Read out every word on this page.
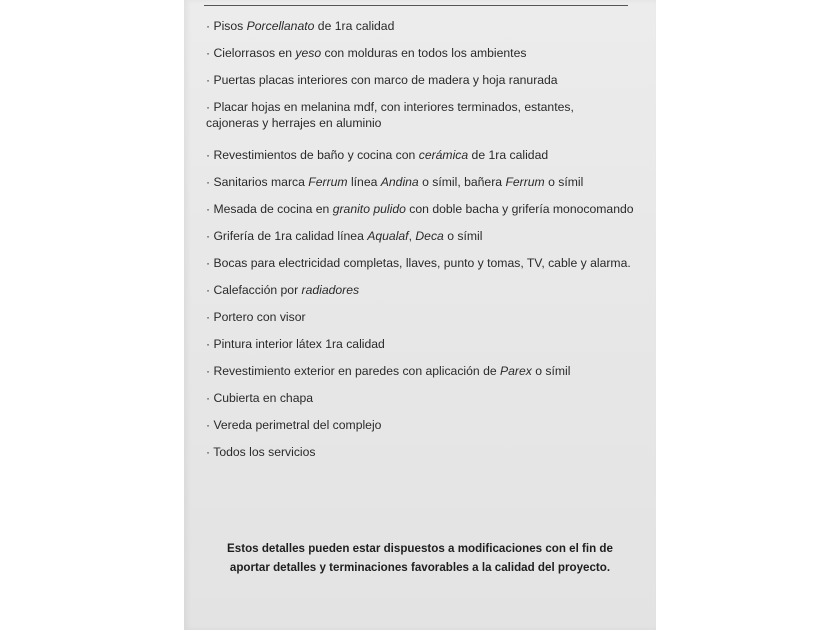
· Pisos Porcellanato de 1ra calidad
· Cielorrasos en yeso con molduras en todos los ambientes
· Puertas placas interiores con marco de madera y hoja ranurada
· Placar hojas en melanina mdf, con interiores terminados, estantes, cajoneras y herrajes en aluminio
· Revestimientos de baño y cocina con cerámica de 1ra calidad
· Sanitarios marca Ferrum línea Andina o símil, bañera Ferrum o símil
· Mesada de cocina en granito pulido con doble bacha y grifería monocomando
· Grifería de 1ra calidad línea Aqualaf, Deca o símil
· Bocas para electricidad completas, llaves, punto y tomas, TV, cable y alarma.
· Calefacción por radiadores
· Portero con visor
· Pintura interior látex 1ra calidad
· Revestimiento exterior en paredes con aplicación de Parex o símil
· Cubierta en chapa
· Vereda perimetral del complejo
· Todos los servicios

Estos detalles pueden estar dispuestos a modificaciones con el fin de
aportar detalles y terminaciones favorables a la calidad del proyecto.
